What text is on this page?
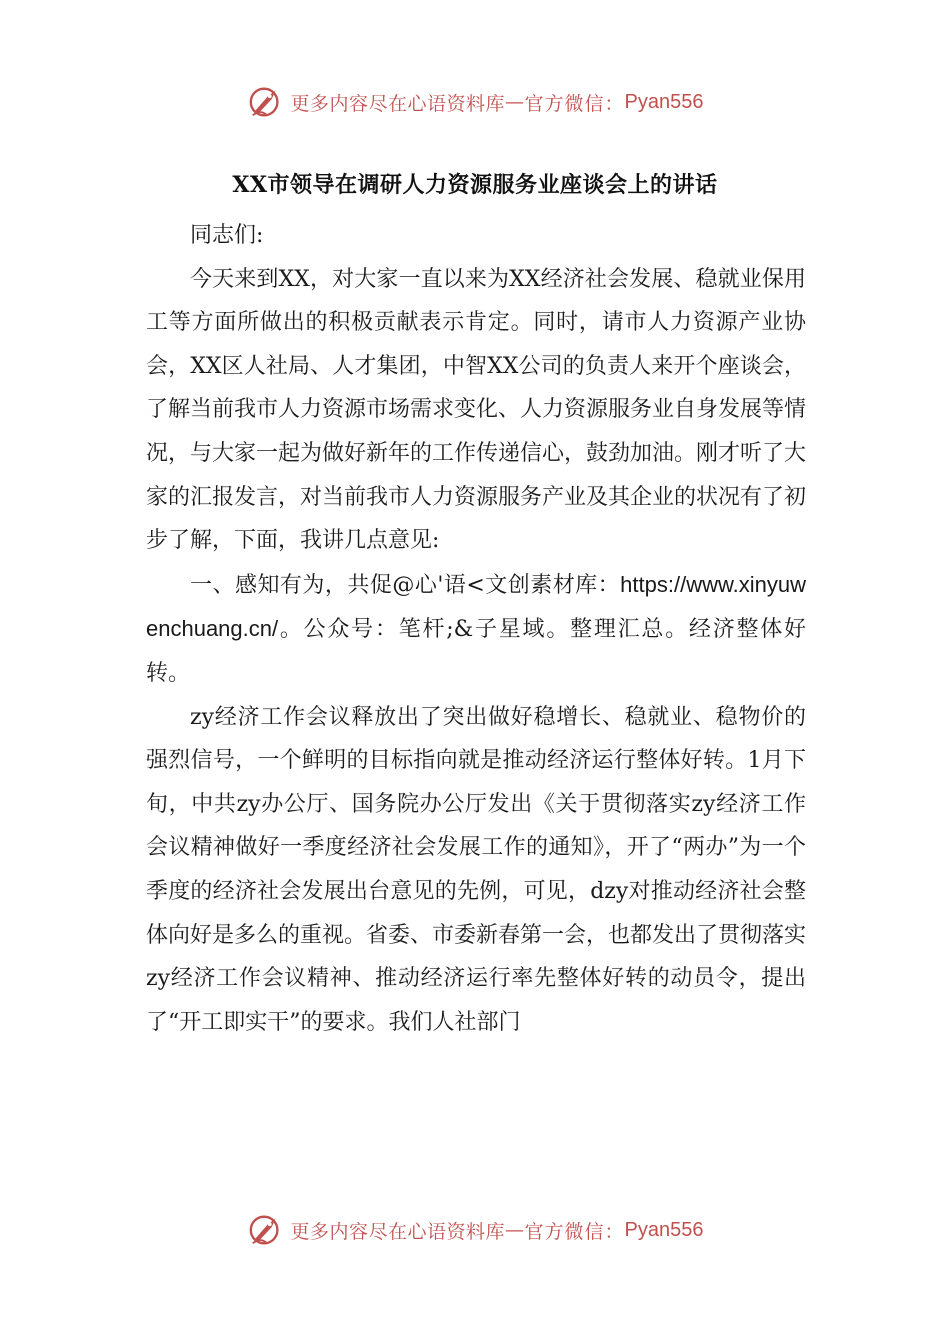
更多内容尽在心语资料库 — 官方微信： Pyan556
XX市领导在调研人力资源服务业座谈会上的讲话

同志们:

今天来到XX，对大家一直以来为XX经济社会发展、稳就业保用工等方面所做出的积极贡献表示肯定。同时，请市人力资源产业协会，XX区人社局、人才集团，中智XX公司的负责人来开个座谈会，了解当前我市人力资源市场需求变化、人力资源服务业自身发展等情况，与大家一起为做好新年的工作传递信心，鼓劲加油。刚才听了大家的汇报发言，对当前我市人力资源服务产业及其企业的状况有了初步了解，下面，我讲几点意见:

一、感知有为，共促@心'语<文创素材库：https://www.xinyuwenchuang.cn/。公众号：笔杆;&子星域。整理汇总。经济整体好转。

zy经济工作会议释放出了突出做好稳增长、稳就业、稳物价的强烈信号，一个鲜明的目标指向就是推动经济运行整体好转。1月下旬，中共zy办公厅、国务院办公厅发出《关于贯彻落实zy经济工作会议精神做好一季度经济社会发展工作的通知》，开了“两办”为一个季度的经济社会发展出台意见的先例，可见，dzy对推动经济社会整体向好是多么的重视。省委、市委新春第一会，也都发出了贯彻落实zy经济工作会议精神、推动经济运行率先整体好转的动员令，提出了“开工即实干”的要求。我们人社部门

更多内容尽在心语资料库 — 官方微信： Pyan556
